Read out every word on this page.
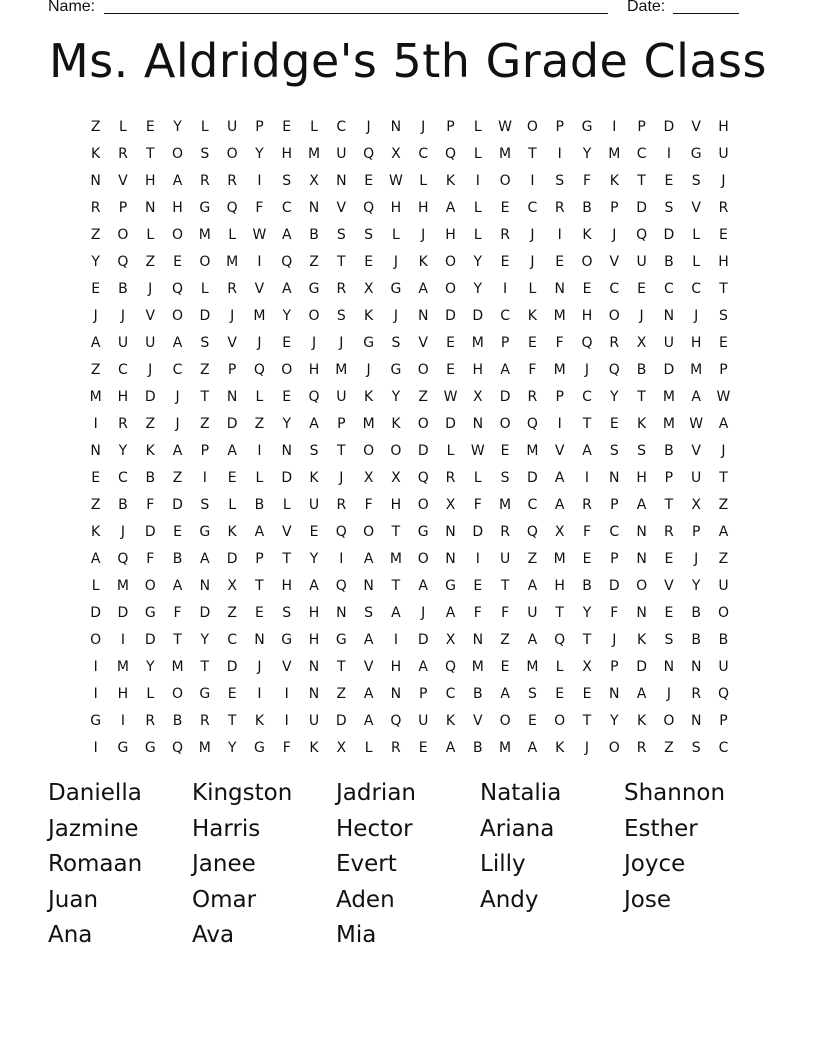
Name:	Date:
Ms. Aldridge's 5th Grade Class
Z	L	E	Y	L	U	P	E	L	C	J	N	J	P	L	W	O	P	G	I	P	D	V	H
K	R	T	O	S	O	Y	H	M	U	Q	X	C	Q	L	M	T	I	Y	M	C	I	G	U
N	V	H	A	R	R	I	S	X	N	E	W	L	K	I	O	I	S	F	K	T	E	S	J
R	P	N	H	G	Q	F	C	N	V	Q	H	H	A	L	E	C	R	B	P	D	S	V	R
Z	O	L	O	M	L	W	A	B	S	S	L	J	H	L	R	J	I	K	J	Q	D	L	E
Y	Q	Z	E	O	M	I	Q	Z	T	E	J	K	O	Y	E	J	E	O	V	U	B	L	H
E	B	J	Q	L	R	V	A	G	R	X	G	A	O	Y	I	L	N	E	C	E	C	C	T
J	J	V	O	D	J	M	Y	O	S	K	J	N	D	D	C	K	M	H	O	J	N	J	S
A	U	U	A	S	V	J	E	J	J	G	S	V	E	M	P	E	F	Q	R	X	U	H	E
Z	C	J	C	Z	P	Q	O	H	M	J	G	O	E	H	A	F	M	J	Q	B	D	M	P
M	H	D	J	T	N	L	E	Q	U	K	Y	Z	W	X	D	R	P	C	Y	T	M	A	W
I	R	Z	J	Z	D	Z	Y	A	P	M	K	O	D	N	O	Q	I	T	E	K	M	W	A
N	Y	K	A	P	A	I	N	S	T	O	O	D	L	W	E	M	V	A	S	S	B	V	J
E	C	B	Z	I	E	L	D	K	J	X	X	Q	R	L	S	D	A	I	N	H	P	U	T
Z	B	F	D	S	L	B	L	U	R	F	H	O	X	F	M	C	A	R	P	A	T	X	Z
K	J	D	E	G	K	A	V	E	Q	O	T	G	N	D	R	Q	X	F	C	N	R	P	A
A	Q	F	B	A	D	P	T	Y	I	A	M	O	N	I	U	Z	M	E	P	N	E	J	Z
L	M	O	A	N	X	T	H	A	Q	N	T	A	G	E	T	A	H	B	D	O	V	Y	U
D	D	G	F	D	Z	E	S	H	N	S	A	J	A	F	F	U	T	Y	F	N	E	B	O
O	I	D	T	Y	C	N	G	H	G	A	I	D	X	N	Z	A	Q	T	J	K	S	B	B
I	M	Y	M	T	D	J	V	N	T	V	H	A	Q	M	E	M	L	X	P	D	N	N	U
I	H	L	O	G	E	I	I	N	Z	A	N	P	C	B	A	S	E	E	N	A	J	R	Q
G	I	R	B	R	T	K	I	U	D	A	Q	U	K	V	O	E	O	T	Y	K	O	N	P
I	G	G	Q	M	Y	G	F	K	X	L	R	E	A	B	M	A	K	J	O	R	Z	S	C
Daniella	Kingston	Jadrian	Natalia	Shannon
Jazmine	Harris	Hector	Ariana	Esther
Romaan	Janee	Evert	Lilly	Joyce
Juan	Omar	Aden	Andy	Jose
Ana	Ava	Mia
